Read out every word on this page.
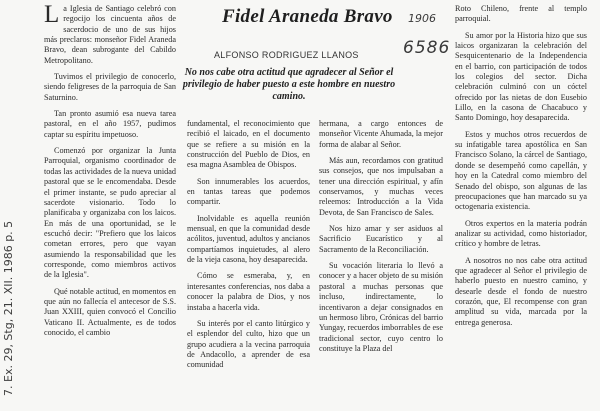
7. Ex. 29, Stg, 21. XII. 1986 p. 5
Fidel Araneda Bravo 1906
6586
ALFONSO RODRIGUEZ LLANOS
No nos cabe otra actitud que agradecer al Señor el privilegio de haber puesto a este hombre en nuestro camino.

La Iglesia de Santiago celebró con regocijo los cincuenta años de sacerdocio de uno de sus hijos más preclaros: monseñor Fidel Araneda Bravo, dean subrogante del Cabildo Metropolitano.

Tuvimos el privilegio de conocerlo, siendo feligreses de la parroquia de San Saturnino.

Tan pronto asumió esa nueva tarea pastoral, en el año 1957, pudimos captar su espíritu impetuoso.

Comenzó por organizar la Junta Parroquial, organismo coordinador de todas las actividades de la nueva unidad pastoral que se le encomendaba. Desde el primer instante, se pudo apreciar al sacerdote visionario. Todo lo planificaba y organizaba con los laicos. En más de una oportunidad, se le escuchó decir: "Prefiero que los laicos cometan errores, pero que vayan asumiendo la responsabilidad que les corresponde, como miembros activos de la Iglesia".

Qué notable actitud, en momentos en que aún no fallecía el antecesor de S.S. Juan XXIII, quien convocó el Concilio Vaticano II. Actualmente, es de todos conocido, el cambio

fundamental, el reconocimiento que recibió el laicado, en el documento que se refiere a su misión en la construcción del Pueblo de Dios, en esa magna Asamblea de Obispos.

Son innumerables los acuerdos, en tantas tareas que podemos compartir.

Inolvidable es aquella reunión mensual, en que la comunidad desde acólitos, juventud, adultos y ancianos compartíamos inquietudes, al alero de la vieja casona, hoy desaparecida.

Cómo se esmeraba, y, en interesantes conferencias, nos daba a conocer la palabra de Dios, y nos instaba a hacerla vida.

Su interés por el canto litúrgico y el esplendor del culto, hizo que un grupo acudiera a la vecina parroquia de Andacollo, a aprender de esa comunidad

hermana, a cargo entonces de monseñor Vicente Ahumada, la mejor forma de alabar al Señor.

Más aun, recordamos con gratitud sus consejos, que nos impulsaban a tener una dirección espiritual, y afín conservamos, y muchas veces releemos: Introducción a la Vida Devota, de San Francisco de Sales.

Nos hizo amar y ser asiduos al Sacrificio Eucarístico y al Sacramento de la Reconciliación.

Su vocación literaria lo llevó a conocer y a hacer objeto de su misión pastoral a muchas personas que incluso, indirectamente, lo incentivaron a dejar consignados en un hermoso libro, Crónicas del barrio Yungay, recuerdos imborrables de ese tradicional sector, cuyo centro lo constituye la Plaza del

Roto Chileno, frente al templo parroquial.

Su amor por la Historia hizo que sus laicos organizaran la celebración del Sesquicentenario de la Independencia en el barrio, con participación de todos los colegios del sector. Dicha celebración culminó con un cóctel ofrecido por las nietas de don Eusebio Lillo, en la casona de Chacabuco y Santo Domingo, hoy desaparecida.

Estos y muchos otros recuerdos de su infatigable tarea apostólica en San Francisco Solano, la cárcel de Santiago, donde se desempeñó como capellán, y hoy en la Catedral como miembro del Senado del obispo, son algunas de las preocupaciones que han marcado su ya octogenaria existencia.

Otros expertos en la materia podrán analizar su actividad, como historiador, crítico y hombre de letras.

A nosotros no nos cabe otra actitud que agradecer al Señor el privilegio de haberlo puesto en nuestro camino, y desearle desde el fondo de nuestro corazón, que, El recompense con gran amplitud su vida, marcada por la entrega generosa.
